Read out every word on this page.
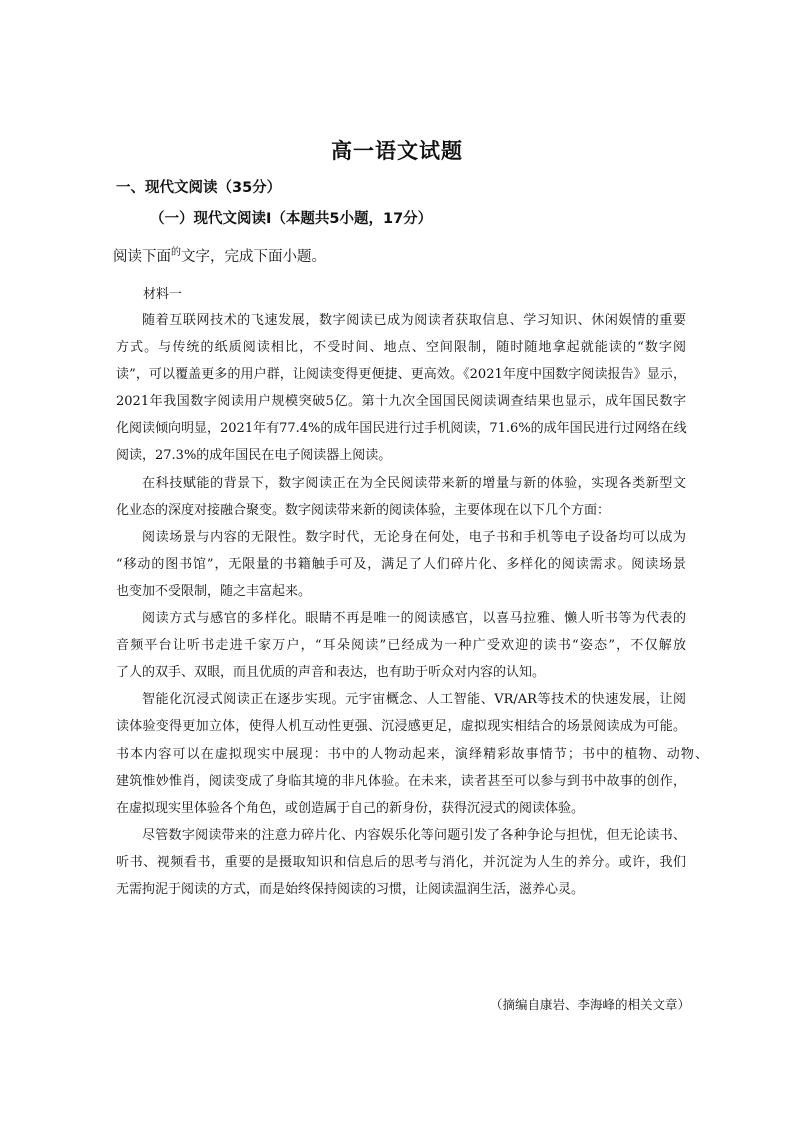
高一语文试题
一、现代文阅读（35分）
（一）现代文阅读Ⅰ（本题共5小题，17分）
阅读下面$^的$文字，完成下面小题。
材料一
随着互联网技术的飞速发展，数字阅读已成为阅读者获取信息、学习知识、休闲娱情的重要
方式。与传统的纸质阅读相比，不受时间、地点、空间限制，随时随地拿起就能读的“数字阅
读”，可以覆盖更多的用户群，让阅读变得更便捷、更高效。《2021年度中国数字阅读报告》显示，
2021年我国数字阅读用户规模突破5亿。第十九次全国国民阅读调查结果也显示，成年国民数字
化阅读倾向明显，2021年有77.4%的成年国民进行过手机阅读，71.6%的成年国民进行过网络在线
阅读，27.3%的成年国民在电子阅读器上阅读。
在科技赋能的背景下，数字阅读正在为全民阅读带来新的增量与新的体验，实现各类新型文
化业态的深度对接融合聚变。数字阅读带来新的阅读体验，主要体现在以下几个方面：
阅读场景与内容的无限性。数字时代，无论身在何处，电子书和手机等电子设备均可以成为
“移动的图书馆”，无限量的书籍触手可及，满足了人们碎片化、多样化的阅读需求。阅读场景
也变加不受限制，随之丰富起来。
阅读方式与感官的多样化。眼睛不再是唯一的阅读感官，以喜马拉雅、懒人听书等为代表的
音频平台让听书走进千家万户，“耳朵阅读”已经成为一种广受欢迎的读书“姿态”，不仅解放
了人的双手、双眼，而且优质的声音和表达，也有助于听众对内容的认知。
智能化沉浸式阅读正在逐步实现。元宇宙概念、人工智能、VR/AR等技术的快速发展，让阅
读体验变得更加立体，使得人机互动性更强、沉浸感更足，虚拟现实相结合的场景阅读成为可能。
书本内容可以在虚拟现实中展现：书中的人物动起来，演绎精彩故事情节；书中的植物、动物、
建筑惟妙惟肖，阅读变成了身临其境的非凡体验。在未来，读者甚至可以参与到书中故事的创作，
在虚拟现实里体验各个角色，或创造属于自己的新身份，获得沉浸式的阅读体验。
尽管数字阅读带来的注意力碎片化、内容娱乐化等问题引发了各种争论与担忧，但无论读书、
听书、视频看书，重要的是摄取知识和信息后的思考与消化，并沉淀为人生的养分。或许，我们
无需拘泥于阅读的方式，而是始终保持阅读的习惯，让阅读温润生活，滋养心灵。
（摘编自康岩、李海峰的相关文章）
